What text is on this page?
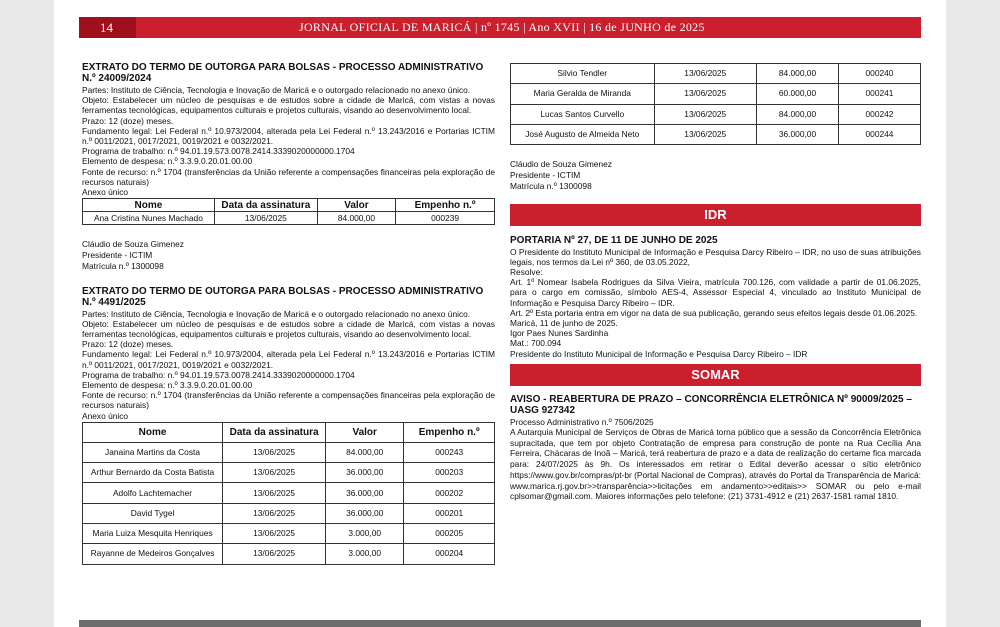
14	JORNAL OFICIAL DE MARICÁ | nº 1745 | Ano XVII | 16 de JUNHO de 2025
EXTRATO DO TERMO DE OUTORGA PARA BOLSAS - PROCESSO ADMINISTRATIVO N.º 24009/2024
Partes: Instituto de Ciência, Tecnologia e Inovação de Maricá e o outorgado relacionado no anexo único.
Objeto: Estabelecer um núcleo de pesquisas e de estudos sobre a cidade de Maricá, com vistas a novas ferramentas tecnológicas, equipamentos culturais e projetos culturais, visando ao desenvolvimento local.
Prazo: 12 (doze) meses.
Fundamento legal: Lei Federal n.º 10.973/2004, alterada pela Lei Federal n.º 13.243/2016 e Portarias ICTIM n.º 0011/2021, 0017/2021, 0019/2021 e 0032/2021.
Programa de trabalho: n.º 94.01.19.573.0078.2414.3339020000000.1704
Elemento de despesa: n.º 3.3.9.0.20.01.00.00
Fonte de recurso: n.º 1704 (transferências da União referente a compensações financeiras pela exploração de recursos naturais)
Anexo único
Nome	Data da assinatura	Valor	Empenho n.º
Ana Cristina Nunes Machado	13/06/2025	84.000,00	000239
Cláudio de Souza Gimenez
Presidente - ICTIM
Matrícula n.º 1300098
EXTRATO DO TERMO DE OUTORGA PARA BOLSAS - PROCESSO ADMINISTRATIVO N.º 4491/2025
Partes: Instituto de Ciência, Tecnologia e Inovação de Maricá e o outorgado relacionado no anexo único.
Objeto: Estabelecer um núcleo de pesquisas e de estudos sobre a cidade de Maricá, com vistas a novas ferramentas tecnológicas, equipamentos culturais e projetos culturais, visando ao desenvolvimento local.
Prazo: 12 (doze) meses.
Fundamento legal: Lei Federal n.º 10.973/2004, alterada pela Lei Federal n.º 13.243/2016 e Portarias ICTIM n.º 0011/2021, 0017/2021, 0019/2021 e 0032/2021.
Programa de trabalho: n.º 94.01.19.573.0078.2414.3339020000000.1704
Elemento de despesa: n.º 3.3.9.0.20.01.00.00
Fonte de recurso: n.º 1704 (transferências da União referente a compensações financeiras pela exploração de recursos naturais)
Anexo único
Nome	Data da assinatura	Valor	Empenho n.º
Janaina Martins da Costa	13/06/2025	84.000,00	000243
Arthur Bernardo da Costa Batista	13/06/2025	36.000,00	000203
Adolfo Lachtemacher	13/06/2025	36.000,00	000202
David Tygel	13/06/2025	36.000,00	000201
Maria Luiza Mesquita Henriques	13/06/2025	3.000,00	000205
Rayanne de Medeiros Gonçalves	13/06/2025	3.000,00	000204
Silvio Tendler	13/06/2025	84.000,00	000240
Maria Geralda de Miranda	13/06/2025	60.000,00	000241
Lucas Santos Curvello	13/06/2025	84.000,00	000242
José Augusto de Almeida Neto	13/06/2025	36.000,00	000244
Cláudio de Souza Gimenez
Presidente - ICTIM
Matrícula n.º 1300098
IDR
PORTARIA Nº 27, DE 11 DE JUNHO DE 2025
O Presidente do Instituto Municipal de Informação e Pesquisa Darcy Ribeiro – IDR, no uso de suas atribuições legais, nos termos da Lei nº 360, de 03.05.2022,
Resolve:
Art. 1º Nomear Isabela Rodrigues da Silva Vieira, matrícula 700.126, com validade a partir de 01.06.2025, para o cargo em comissão, símbolo AES-4, Assessor Especial 4, vinculado ao Instituto Municipal de Informação e Pesquisa Darcy Ribeiro – IDR.
Art. 2º Esta portaria entra em vigor na data de sua publicação, gerando seus efeitos legais desde 01.06.2025.
Maricá, 11 de junho de 2025.
Igor Paes Nunes Sardinha
Mat.: 700.094
Presidente do Instituto Municipal de Informação e Pesquisa Darcy Ribeiro – IDR
SOMAR
AVISO - REABERTURA DE PRAZO – CONCORRÊNCIA ELETRÔNICA Nº 90009/2025 – UASG 927342
Processo Administrativo n.º 7506/2025
A Autarquia Municipal de Serviços de Obras de Maricá torna público que a sessão da Concorrência Eletrônica supracitada, que tem por objeto Contratação de empresa para construção de ponte na Rua Cecília Ana Ferreira, Chácaras de Inoã – Maricá, terá reabertura de prazo e a data de realização do certame fica marcada para: 24/07/2025 às 9h. Os interessados em retirar o Edital deverão acessar o sítio eletrônico https://www.gov.br/compras/pt-br (Portal Nacional de Compras), através do Portal da Transparência de Maricá: www.marica.rj.gov.br>>transparência>>licitações em andamento>>editais>> SOMAR ou pelo e-mail cplsomar@gmail.com. Maiores informações pelo telefone: (21) 3731-4912 e (21) 2637-1581 ramal 1810.
